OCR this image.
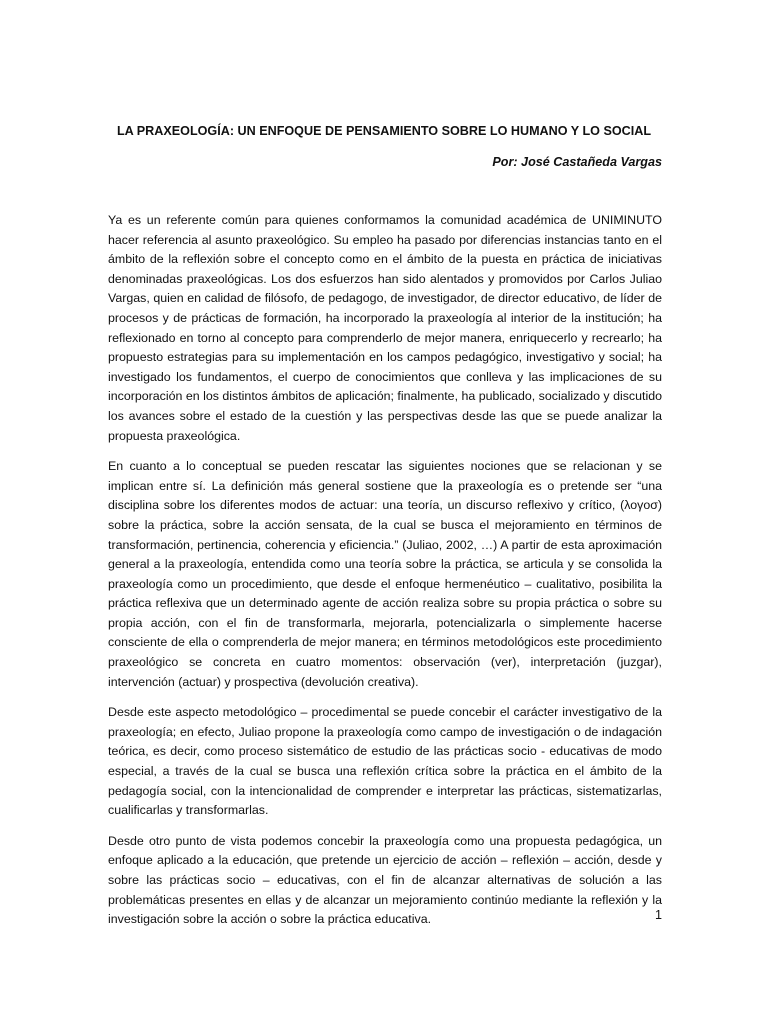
LA PRAXEOLOGÍA: UN ENFOQUE DE PENSAMIENTO SOBRE LO HUMANO Y LO SOCIAL
Por: José Castañeda Vargas

Ya es un referente común para quienes conformamos la comunidad académica de UNIMINUTO hacer referencia al asunto praxeológico. Su empleo ha pasado por diferencias instancias tanto en el ámbito de la reflexión sobre el concepto como en el ámbito de la puesta en práctica de iniciativas denominadas praxeológicas. Los dos esfuerzos han sido alentados y promovidos por Carlos Juliao Vargas, quien en calidad de filósofo, de pedagogo, de investigador, de director educativo, de líder de procesos y de prácticas de formación, ha incorporado la praxeología al interior de la institución; ha reflexionado en torno al concepto para comprenderlo de mejor manera, enriquecerlo y recrearlo; ha propuesto estrategias para su implementación en los campos pedagógico, investigativo y social; ha investigado los fundamentos, el cuerpo de conocimientos que conlleva y las implicaciones de su incorporación en los distintos ámbitos de aplicación; finalmente, ha publicado, socializado y discutido los avances sobre el estado de la cuestión y las perspectivas desde las que se puede analizar la propuesta praxeológica.

En cuanto a lo conceptual se pueden rescatar las siguientes nociones que se relacionan y se implican entre sí. La definición más general sostiene que la praxeología es o pretende ser “una disciplina sobre los diferentes modos de actuar: una teoría, un discurso reflexivo y crítico, (λογοσ) sobre la práctica, sobre la acción sensata, de la cual se busca el mejoramiento en términos de transformación, pertinencia, coherencia y eficiencia.” (Juliao, 2002, …) A partir de esta aproximación general a la praxeología, entendida como una teoría sobre la práctica, se articula y se consolida la praxeología como un procedimiento, que desde el enfoque hermenéutico – cualitativo, posibilita la práctica reflexiva que un determinado agente de acción realiza sobre su propia práctica o sobre su propia acción, con el fin de transformarla, mejorarla, potencializarla o simplemente hacerse consciente de ella o comprenderla de mejor manera; en términos metodológicos este procedimiento praxeológico se concreta en cuatro momentos: observación (ver), interpretación (juzgar), intervención (actuar) y prospectiva (devolución creativa).

Desde este aspecto metodológico – procedimental se puede concebir el carácter investigativo de la praxeología; en efecto, Juliao propone la praxeología como campo de investigación o de indagación teórica, es decir, como proceso sistemático de estudio de las prácticas socio - educativas de modo especial, a través de la cual se busca una reflexión crítica sobre la práctica en el ámbito de la pedagogía social, con la intencionalidad de comprender e interpretar las prácticas, sistematizarlas, cualificarlas y transformarlas.

Desde otro punto de vista podemos concebir la praxeología como una propuesta pedagógica, un enfoque aplicado a la educación, que pretende un ejercicio de acción – reflexión – acción, desde y sobre las prácticas socio – educativas, con el fin de alcanzar alternativas de solución a las problemáticas presentes en ellas y de alcanzar un mejoramiento continúo mediante la reflexión y la investigación sobre la acción o sobre la práctica educativa.	1
